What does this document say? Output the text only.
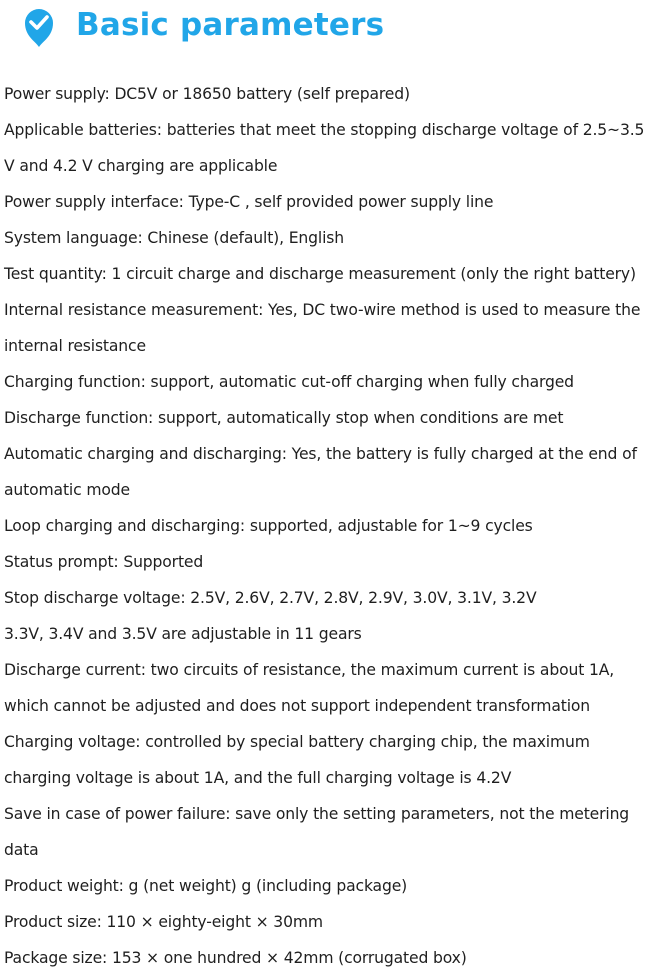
Basic parameters
Power supply: DC5V or 18650 battery (self prepared)
Applicable batteries: batteries that meet the stopping discharge voltage of 2.5~3.5
V and 4.2 V charging are applicable
Power supply interface: Type-C , self provided power supply line
System language: Chinese (default), English
Test quantity: 1 circuit charge and discharge measurement (only the right battery)
Internal resistance measurement: Yes, DC two-wire method is used to measure the
internal resistance
Charging function: support, automatic cut-off charging when fully charged
Discharge function: support, automatically stop when conditions are met
Automatic charging and discharging: Yes, the battery is fully charged at the end of
automatic mode
Loop charging and discharging: supported, adjustable for 1~9 cycles
Status prompt: Supported
Stop discharge voltage: 2.5V, 2.6V, 2.7V, 2.8V, 2.9V, 3.0V, 3.1V, 3.2V
3.3V, 3.4V and 3.5V are adjustable in 11 gears
Discharge current: two circuits of resistance, the maximum current is about 1A,
which cannot be adjusted and does not support independent transformation
Charging voltage: controlled by special battery charging chip, the maximum
charging voltage is about 1A, and the full charging voltage is 4.2V
Save in case of power failure: save only the setting parameters, not the metering
data
Product weight: g (net weight) g (including package)
Product size: 110 × eighty-eight × 30mm
Package size: 153 × one hundred × 42mm (corrugated box)
